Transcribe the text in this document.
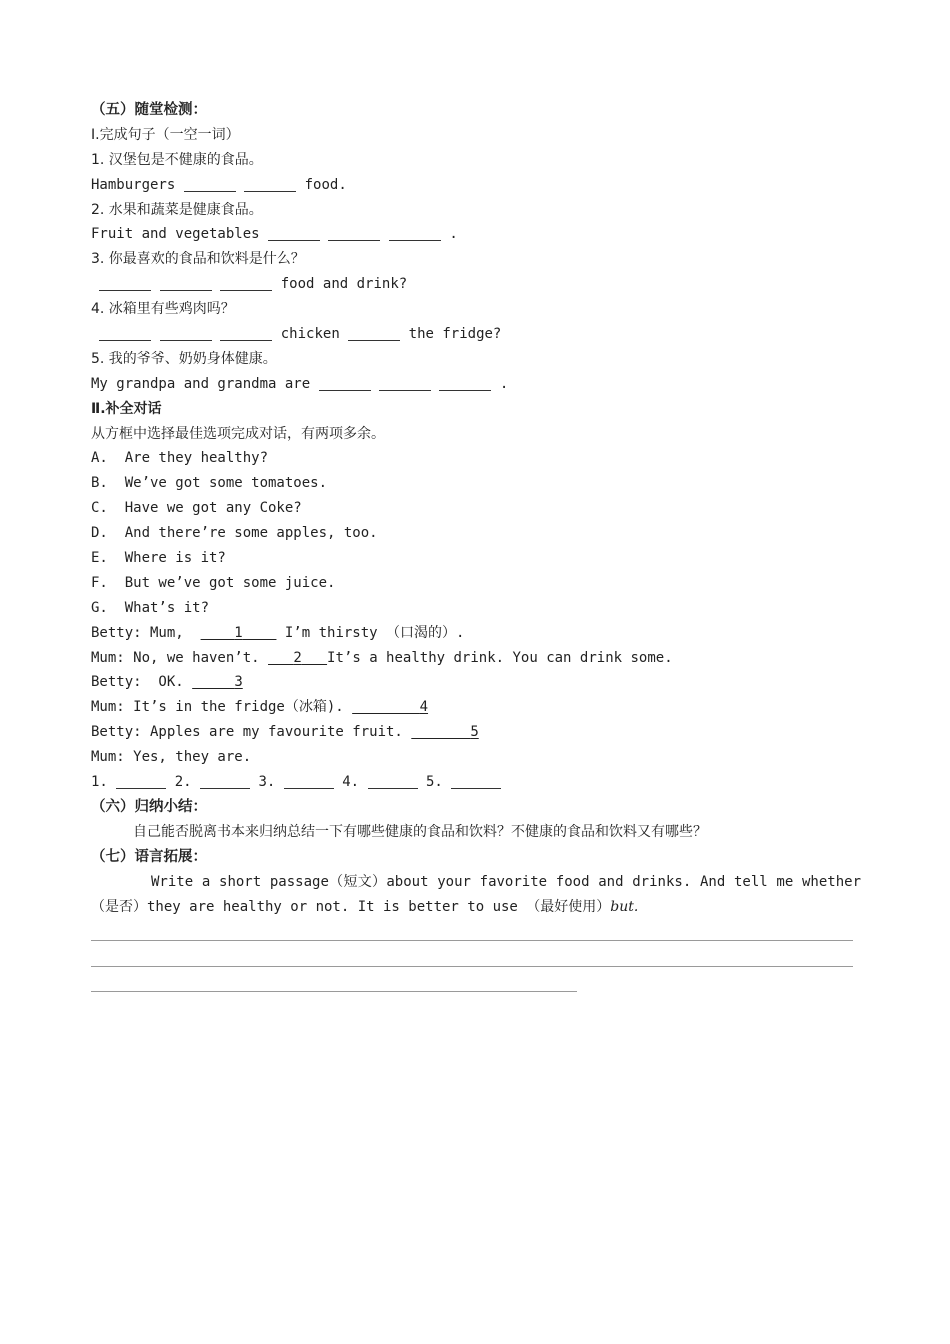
（五）随堂检测：
Ⅰ.完成句子（一空一词）
1. 汉堡包是不健康的食品。
Hamburgers	food.
2. 水果和蔬菜是健康食品。
Fruit and vegetables	.
3. 你最喜欢的食品和饮料是什么？
food and drink?
4. 冰箱里有些鸡肉吗？
chicken	the fridge?
5. 我的爷爷、奶奶身体健康。
My grandpa and grandma are	.
Ⅱ.补全对话
从方框中选择最佳选项完成对话，有两项多余。
A.  Are they healthy?
B.  We’ve got some tomatoes.
C.  Have we got any Coke?
D.  And there’re some apples, too.
E.  Where is it?
F.  But we’ve got some juice.
G.  What’s it?
Betty: Mum,      1     I’m thirsty （口渴的）.
Mum: No, we haven’t.    2 It’s a healthy drink. You can drink some.
Betty:  OK.	3
Mum: It’s in the fridge（冰箱).	4
Betty: Apples are my favourite fruit.	5
Mum: Yes, they are.
1.	2.	3.	4.	5.
（六）归纳小结：
自己能否脱离书本来归纳总结一下有哪些健康的食品和饮料？不健康的食品和饮料又有哪些？
（七）语言拓展：

Write a short passage（短文）about your favorite food and drinks. And tell me whether（是否）they are healthy or not. It is better to use （最好使用）but.
